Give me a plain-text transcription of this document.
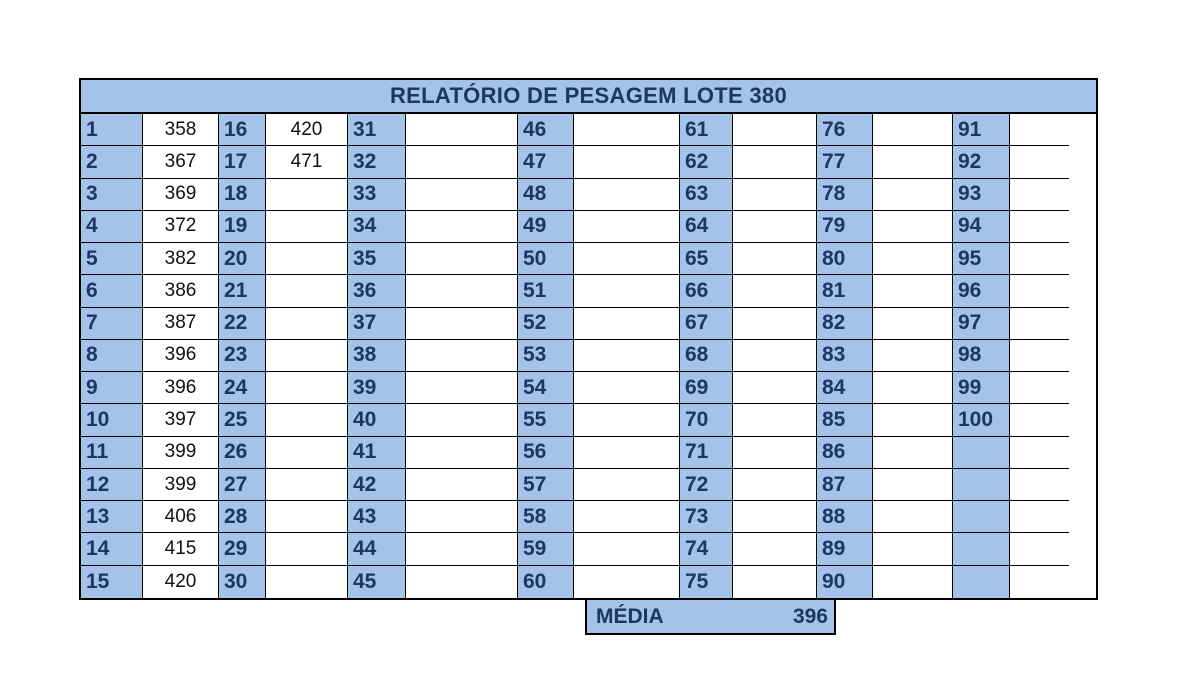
RELATÓRIO DE PESAGEM LOTE 380
1	358	16	420	31	46	61	76	91
2	367	17	471	32	47	62	77	92
3	369	18	33	48	63	78	93
4	372	19	34	49	64	79	94
5	382	20	35	50	65	80	95
6	386	21	36	51	66	81	96
7	387	22	37	52	67	82	97
8	396	23	38	53	68	83	98
9	396	24	39	54	69	84	99
10	397	25	40	55	70	85	100
11	399	26	41	56	71	86
12	399	27	42	57	72	87
13	406	28	43	58	73	88
14	415	29	44	59	74	89
15	420	30	45	60	75	90
MÉDIA	396
